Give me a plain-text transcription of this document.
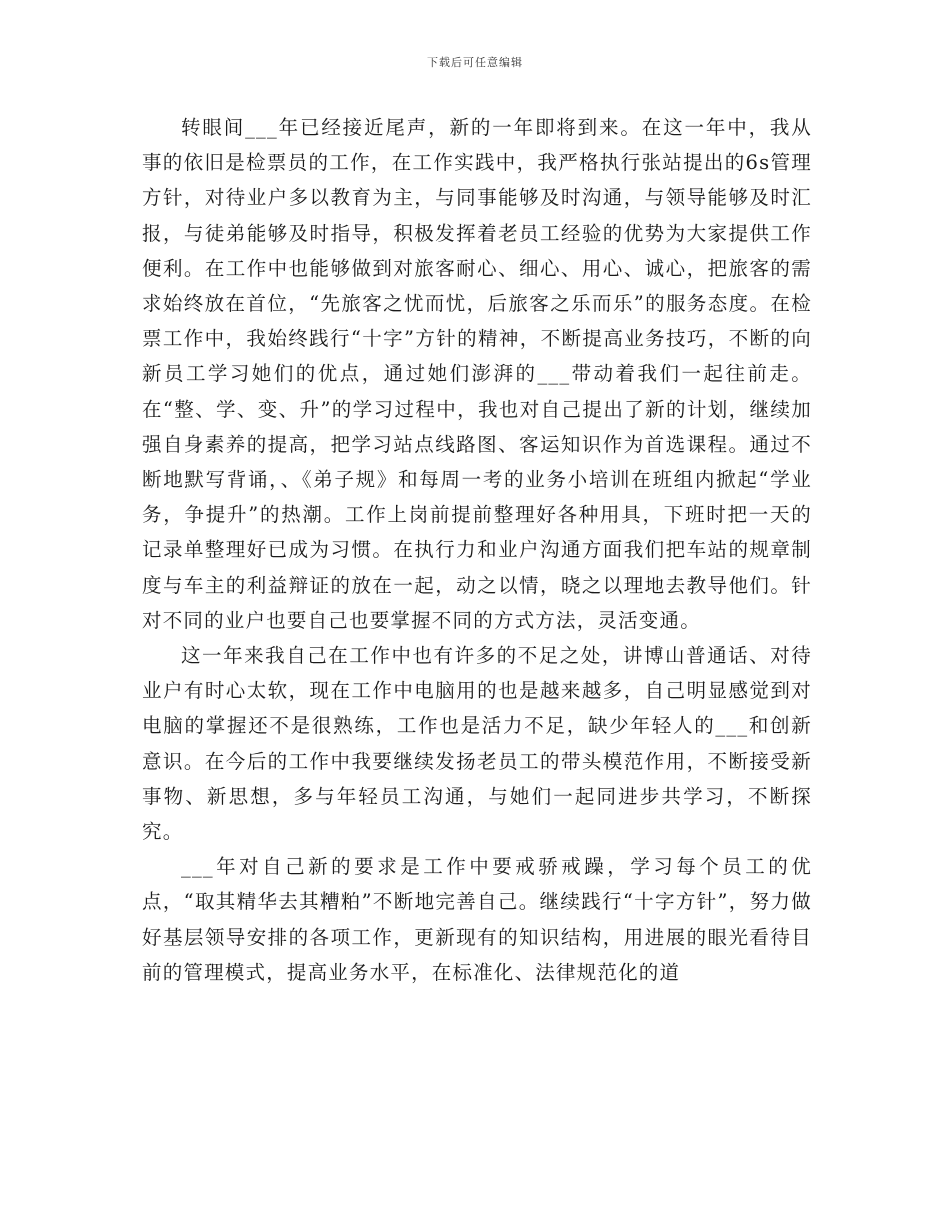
下载后可任意编辑

转眼间___年已经接近尾声，新的一年即将到来。在这一年中，我从事的依旧是检票员的工作，在工作实践中，我严格执行张站提出的6s管理方针，对待业户多以教育为主，与同事能够及时沟通，与领导能够及时汇报，与徒弟能够及时指导，积极发挥着老员工经验的优势为大家提供工作便利。在工作中也能够做到对旅客耐心、细心、用心、诚心，把旅客的需求始终放在首位，“先旅客之忧而忧，后旅客之乐而乐”的服务态度。在检票工作中，我始终践行“十字”方针的精神，不断提高业务技巧，不断的向新员工学习她们的优点，通过她们澎湃的___带动着我们一起往前走。在“整、学、变、升”的学习过程中，我也对自己提出了新的计划，继续加强自身素养的提高，把学习站点线路图、客运知识作为首选课程。通过不断地默写背诵，、《弟子规》和每周一考的业务小培训在班组内掀起“学业务，争提升”的热潮。工作上岗前提前整理好各种用具，下班时把一天的记录单整理好已成为习惯。在执行力和业户沟通方面我们把车站的规章制度与车主的利益辩证的放在一起，动之以情，晓之以理地去教导他们。针对不同的业户也要自己也要掌握不同的方式方法，灵活变通。

这一年来我自己在工作中也有许多的不足之处，讲博山普通话、对待业户有时心太软，现在工作中电脑用的也是越来越多，自己明显感觉到对电脑的掌握还不是很熟练，工作也是活力不足，缺少年轻人的___和创新意识。在今后的工作中我要继续发扬老员工的带头模范作用，不断接受新事物、新思想，多与年轻员工沟通，与她们一起同进步共学习，不断探究。

___年对自己新的要求是工作中要戒骄戒躁，学习每个员工的优点，“取其精华去其糟粕”不断地完善自己。继续践行“十字方针”，努力做好基层领导安排的各项工作，更新现有的知识结构，用进展的眼光看待目前的管理模式，提高业务水平，在标准化、法律规范化的道
